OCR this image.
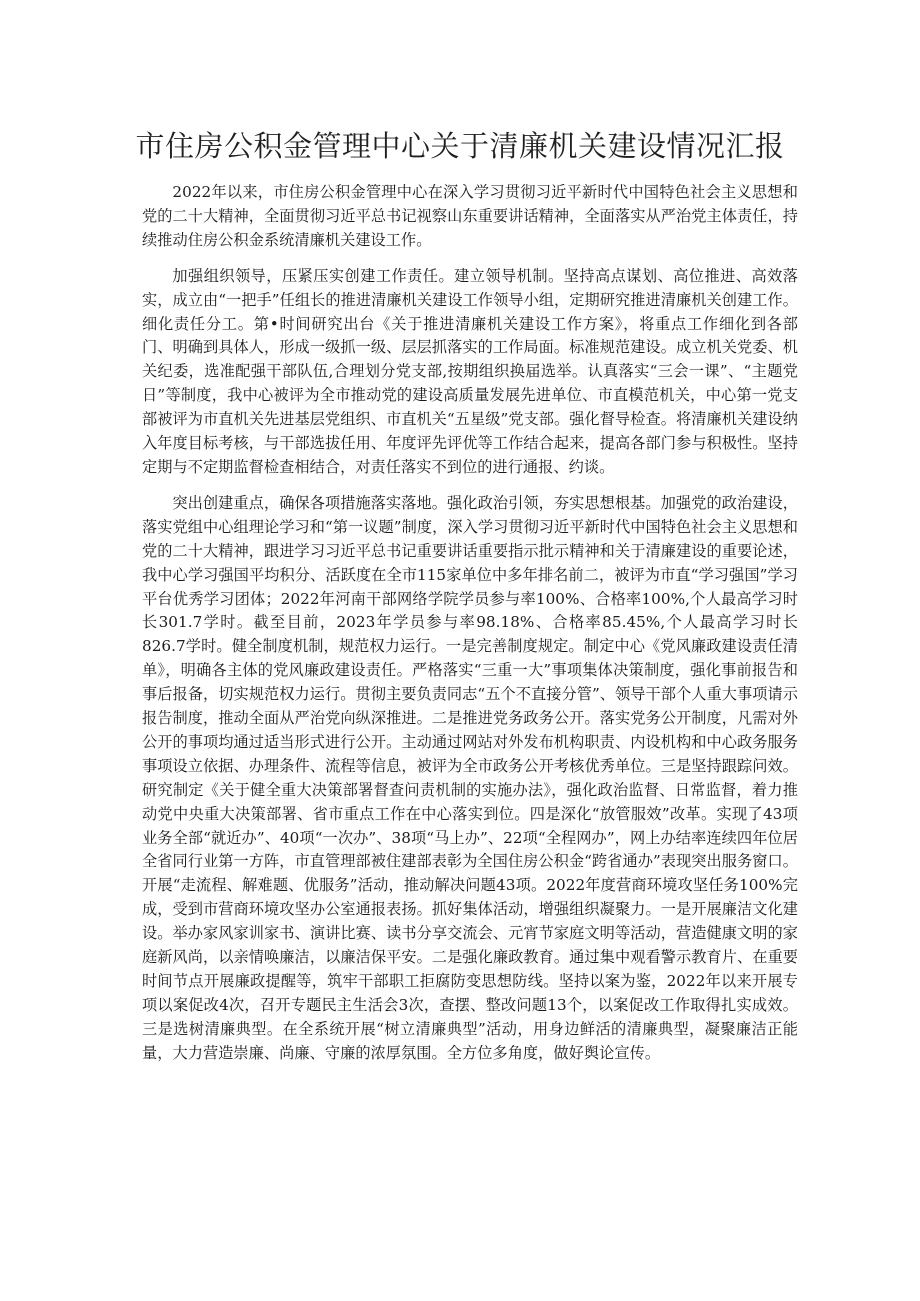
市住房公积金管理中心关于清廉机关建设情况汇报

2022年以来，市住房公积金管理中心在深入学习贯彻习近平新时代中国特色社会主义思想和党的二十大精神，全面贯彻习近平总书记视察山东重要讲话精神，全面落实从严治党主体责任，持续推动住房公积金系统清廉机关建设工作。

加强组织领导，压紧压实创建工作责任。建立领导机制。坚持高点谋划、高位推进、高效落实，成立由“一把手”任组长的推进清廉机关建设工作领导小组，定期研究推进清廉机关创建工作。细化责任分工。第•时间研究出台《关于推进清廉机关建设工作方案》，将重点工作细化到各部门、明确到具体人，形成一级抓一级、层层抓落实的工作局面。标准规范建设。成立机关党委、机关纪委，选准配强干部队伍,合理划分党支部,按期组织换届选举。认真落实“三会一课”、“主题党日”等制度，我中心被评为全市推动党的建设高质量发展先进单位、市直模范机关，中心第一党支部被评为市直机关先进基层党组织、市直机关“五星级”党支部。强化督导检查。将清廉机关建设纳入年度目标考核，与干部选拔任用、年度评先评优等工作结合起来，提高各部门参与积极性。坚持定期与不定期监督检查相结合，对责任落实不到位的进行通报、约谈。

突出创建重点，确保各项措施落实落地。强化政治引领，夯实思想根基。加强党的政治建设，落实党组中心组理论学习和“第一议题”制度，深入学习贯彻习近平新时代中国特色社会主义思想和党的二十大精神，跟进学习习近平总书记重要讲话重要指示批示精神和关于清廉建设的重要论述，我中心学习强国平均积分、活跃度在全市115家单位中多年排名前二，被评为市直“学习强国”学习平台优秀学习团体；2022年河南干部网络学院学员参与率100%、合格率100%,个人最高学习时长301.7学时。截至目前，2023年学员参与率98.18%、合格率85.45%,个人最高学习时长826.7学时。健全制度机制，规范权力运行。一是完善制度规定。制定中心《党风廉政建设责任清单》，明确各主体的党风廉政建设责任。严格落实“三重一大”事项集体决策制度，强化事前报告和事后报备，切实规范权力运行。贯彻主要负责同志“五个不直接分管”、领导干部个人重大事项请示报告制度，推动全面从严治党向纵深推进。二是推进党务政务公开。落实党务公开制度，凡需对外公开的事项均通过适当形式进行公开。主动通过网站对外发布机构职责、内设机构和中心政务服务事项设立依据、办理条件、流程等信息，被评为全市政务公开考核优秀单位。三是坚持跟踪问效。研究制定《关于健全重大决策部署督查问责机制的实施办法》，强化政治监督、日常监督，着力推动党中央重大决策部署、省市重点工作在中心落实到位。四是深化“放管服效”改革。实现了43项业务全部“就近办”、40项“一次办”、38项“马上办”、22项“全程网办”，网上办结率连续四年位居全省同行业第一方阵，市直管理部被住建部表彰为全国住房公积金“跨省通办”表现突出服务窗口。开展“走流程、解难题、优服务”活动，推动解决问题43项。2022年度营商环境攻坚任务100%完成，受到市营商环境攻坚办公室通报表扬。抓好集体活动，增强组织凝聚力。一是开展廉洁文化建设。举办家风家训家书、演讲比赛、读书分享交流会、元宵节家庭文明等活动，营造健康文明的家庭新风尚，以亲情唤廉洁，以廉洁保平安。二是强化廉政教育。通过集中观看警示教育片、在重要时间节点开展廉政提醒等，筑牢干部职工拒腐防变思想防线。坚持以案为鉴，2022年以来开展专项以案促改4次，召开专题民主生活会3次，查摆、整改问题13个，以案促改工作取得扎实成效。三是选树清廉典型。在全系统开展“树立清廉典型”活动，用身边鲜活的清廉典型，凝聚廉洁正能量，大力营造崇廉、尚廉、守廉的浓厚氛围。全方位多角度，做好舆论宣传。
